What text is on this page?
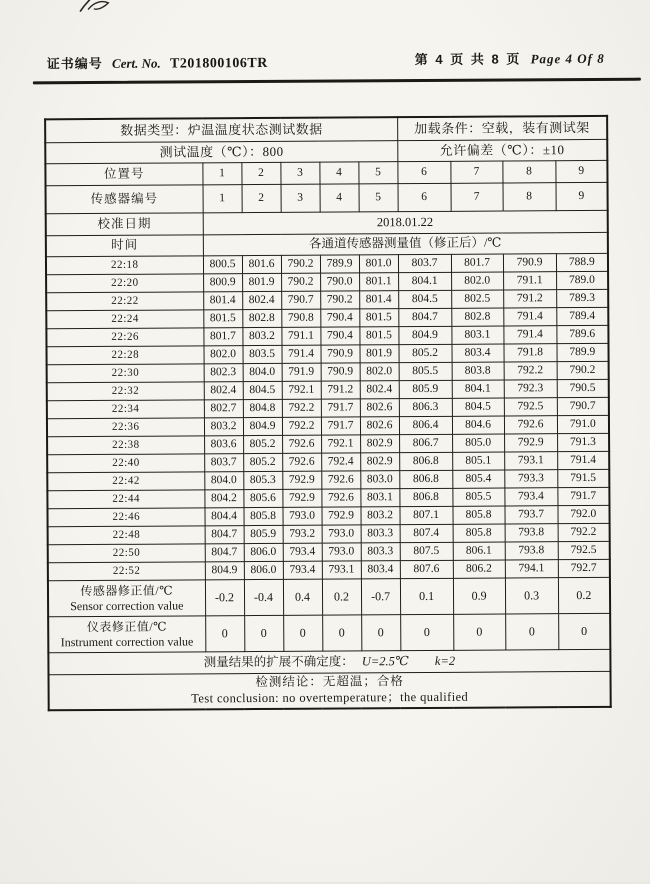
证书编号 Cert. No. T201800106TR	第 4 页 共 8 页 Page 4 Of 8
数据类型：炉温温度状态测试数据						加载条件：空载，装有测试架			
测试温度（℃）：800						允许偏差（℃）：±10			
位置号	1	2	3	4	5	6	7	8	9
传感器编号	1	2	3	4	5	6	7	8	9
校准日期	2018.01.22								
时间	各通道传感器测量值（修正后）/℃								
22:18	800.5	801.6	790.2	789.9	801.0	803.7	801.7	790.9	788.9
22:20	800.9	801.9	790.2	790.0	801.1	804.1	802.0	791.1	789.0
22:22	801.4	802.4	790.7	790.2	801.4	804.5	802.5	791.2	789.3
22:24	801.5	802.8	790.8	790.4	801.5	804.7	802.8	791.4	789.4
22:26	801.7	803.2	791.1	790.4	801.5	804.9	803.1	791.4	789.6
22:28	802.0	803.5	791.4	790.9	801.9	805.2	803.4	791.8	789.9
22:30	802.3	804.0	791.9	790.9	802.0	805.5	803.8	792.2	790.2
22:32	802.4	804.5	792.1	791.2	802.4	805.9	804.1	792.3	790.5
22:34	802.7	804.8	792.2	791.7	802.6	806.3	804.5	792.5	790.7
22:36	803.2	804.9	792.2	791.7	802.6	806.4	804.6	792.6	791.0
22:38	803.6	805.2	792.6	792.1	802.9	806.7	805.0	792.9	791.3
22:40	803.7	805.2	792.6	792.4	802.9	806.8	805.1	793.1	791.4
22:42	804.0	805.3	792.9	792.6	803.0	806.8	805.4	793.3	791.5
22:44	804.2	805.6	792.9	792.6	803.1	806.8	805.5	793.4	791.7
22:46	804.4	805.8	793.0	792.9	803.2	807.1	805.8	793.7	792.0
22:48	804.7	805.9	793.2	793.0	803.3	807.4	805.8	793.8	792.2
22:50	804.7	806.0	793.4	793.0	803.3	807.5	806.1	793.8	792.5
22:52	804.9	806.0	793.4	793.1	803.4	807.6	806.2	794.1	792.7

传感器修正值/℃
Sensor correction value	-0.2	-0.4	0.4	0.2	-0.7	0.1	0.9	0.3	0.2

仪表修正值/℃
Instrument correction value	0	0	0	0	0	0	0	0	0
测量结果的扩展不确定度： U=2.5℃ k=2									

检测结论：无超温；合格
Test conclusion: no overtemperature；the qualified									
